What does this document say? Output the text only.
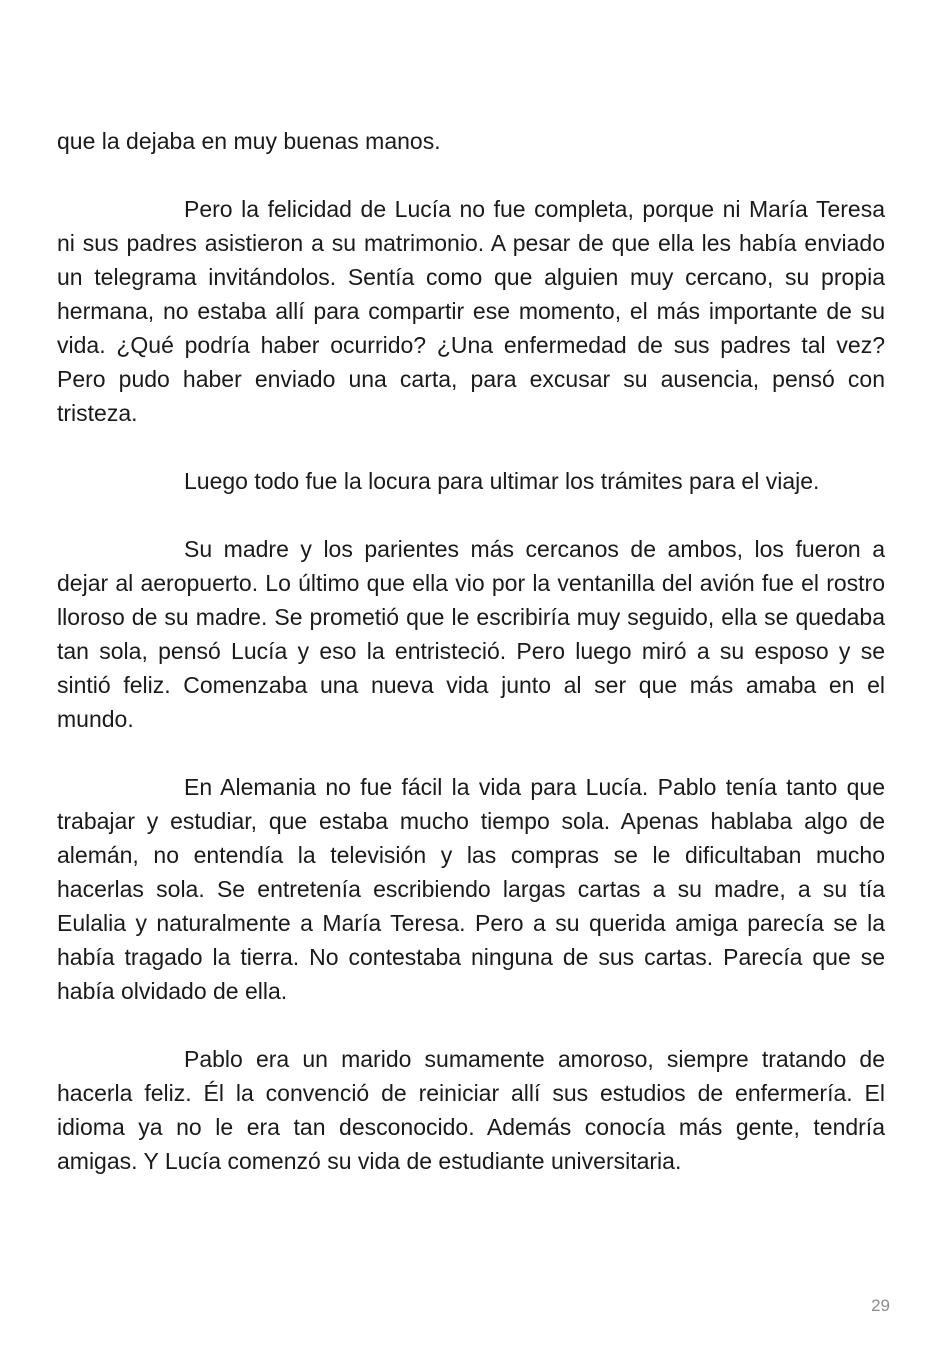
que la dejaba en muy buenas manos.

Pero la felicidad de Lucía no fue completa, porque ni María Teresa ni sus padres asistieron a su matrimonio. A pesar de que ella les había enviado un telegrama invitándolos. Sentía como que alguien muy cercano, su propia hermana, no estaba allí para compartir ese momento, el más importante de su vida. ¿Qué podría haber ocurrido? ¿Una enfermedad de sus padres tal vez? Pero pudo haber enviado una carta, para excusar su ausencia, pensó con tristeza.

Luego todo fue la locura para ultimar los trámites para el viaje.

Su madre y los parientes más cercanos de ambos, los fueron a dejar al aeropuerto. Lo último que ella vio por la ventanilla del avión fue el rostro lloroso de su madre. Se prometió que le escribiría muy seguido, ella se quedaba tan sola, pensó Lucía y eso la entristeció. Pero luego miró a su esposo y se sintió feliz. Comenzaba una nueva vida junto al ser que más amaba en el mundo.

En Alemania no fue fácil la vida para Lucía. Pablo tenía tanto que trabajar y estudiar, que estaba mucho tiempo sola. Apenas hablaba algo de alemán, no entendía la televisión y las compras se le dificultaban mucho hacerlas sola. Se entretenía escribiendo largas cartas a su madre, a su tía Eulalia y naturalmente a María Teresa. Pero a su querida amiga parecía se la había tragado la tierra. No contestaba ninguna de sus cartas. Parecía que se había olvidado de ella.

Pablo era un marido sumamente amoroso, siempre tratando de hacerla feliz. Él la convenció de reiniciar allí sus estudios de enfermería. El idioma ya no le era tan desconocido. Además conocía más gente, tendría amigas. Y Lucía comenzó su vida de estudiante universitaria.

29
